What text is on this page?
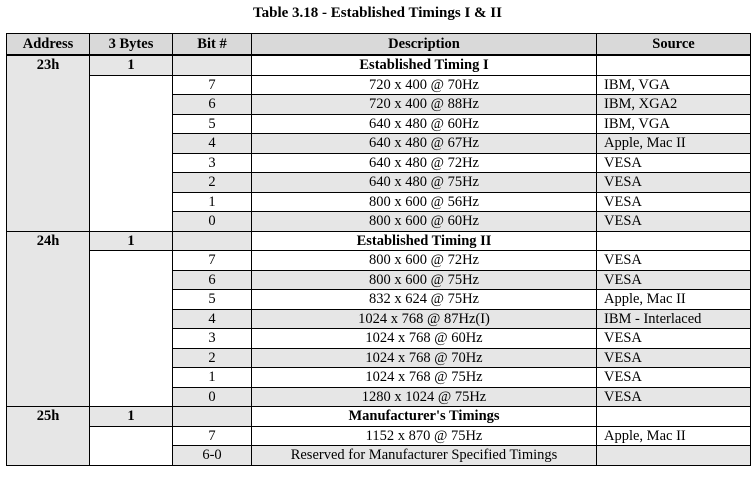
Table 3.18 - Established Timings I & II
Address	3 Bytes	Bit #	Description	Source
23h	1		Established Timing I	
		7	720 x 400 @ 70Hz	IBM, VGA
		6	720 x 400 @ 88Hz	IBM, XGA2
		5	640 x 480 @ 60Hz	IBM, VGA
		4	640 x 480 @ 67Hz	Apple, Mac II
		3	640 x 480 @ 72Hz	VESA
		2	640 x 480 @ 75Hz	VESA
		1	800 x 600 @ 56Hz	VESA
		0	800 x 600 @ 60Hz	VESA
24h	1		Established Timing II	
		7	800 x 600 @ 72Hz	VESA
		6	800 x 600 @ 75Hz	VESA
		5	832 x 624 @ 75Hz	Apple, Mac II
		4	1024 x 768 @ 87Hz(I)	IBM - Interlaced
		3	1024 x 768 @ 60Hz	VESA
		2	1024 x 768 @ 70Hz	VESA
		1	1024 x 768 @ 75Hz	VESA
		0	1280 x 1024 @ 75Hz	VESA
25h	1		Manufacturer's Timings	
		7	1152 x 870 @ 75Hz	Apple, Mac II
		6-0	Reserved for Manufacturer Specified Timings	
